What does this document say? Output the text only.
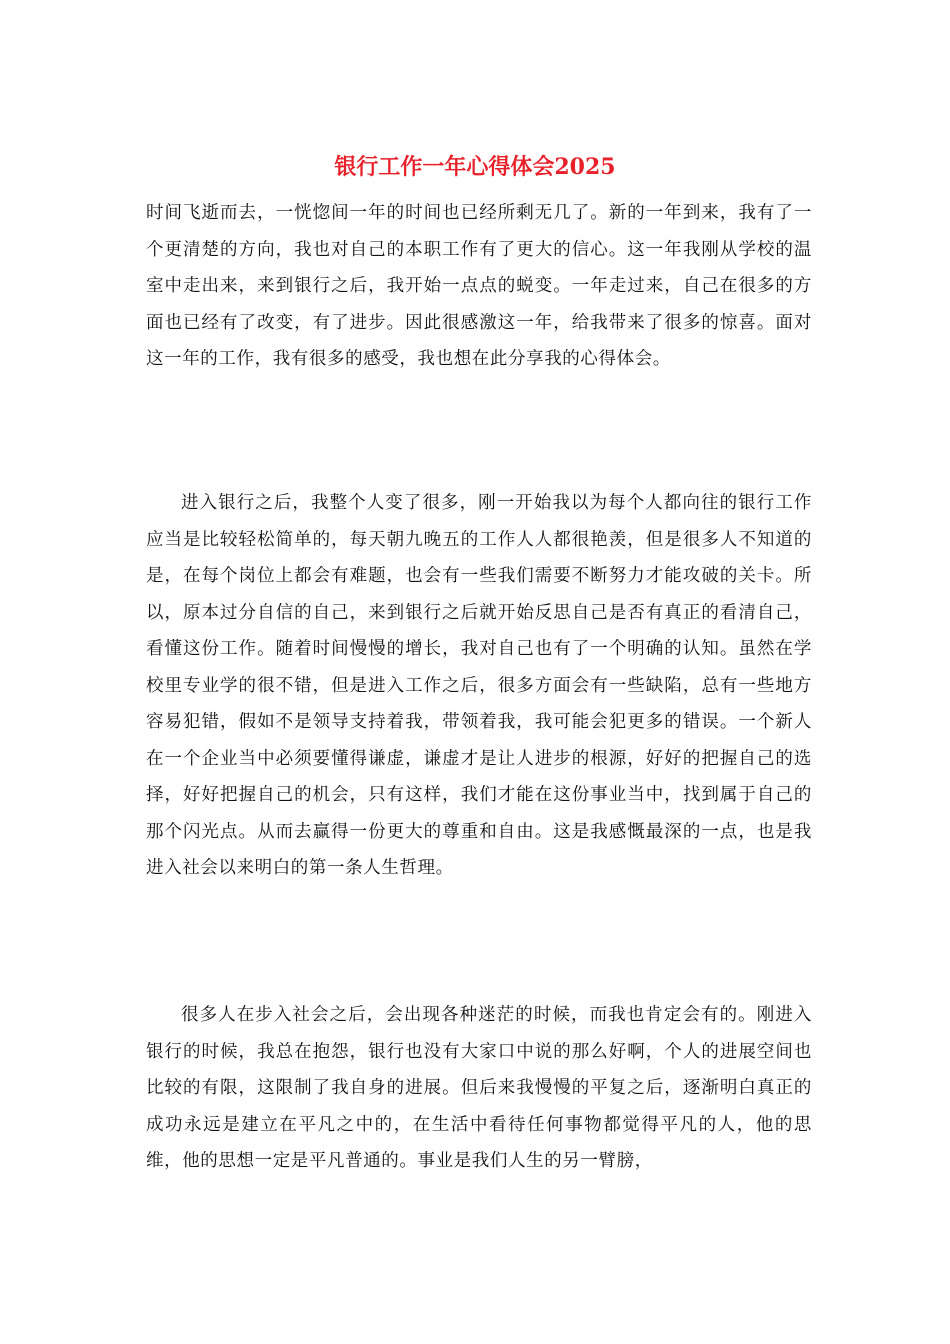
银行工作一年心得体会2025

时间飞逝而去，一恍惚间一年的时间也已经所剩无几了。新的一年到来，我有了一个更清楚的方向，我也对自己的本职工作有了更大的信心。这一年我刚从学校的温室中走出来，来到银行之后，我开始一点点的蜕变。一年走过来，自己在很多的方面也已经有了改变，有了进步。因此很感激这一年，给我带来了很多的惊喜。面对这一年的工作，我有很多的感受，我也想在此分享我的心得体会。

进入银行之后，我整个人变了很多，刚一开始我以为每个人都向往的银行工作应当是比较轻松简单的，每天朝九晚五的工作人人都很艳羡，但是很多人不知道的是，在每个岗位上都会有难题，也会有一些我们需要不断努力才能攻破的关卡。所以，原本过分自信的自己，来到银行之后就开始反思自己是否有真正的看清自己，看懂这份工作。随着时间慢慢的增长，我对自己也有了一个明确的认知。虽然在学校里专业学的很不错，但是进入工作之后，很多方面会有一些缺陷，总有一些地方容易犯错，假如不是领导支持着我，带领着我，我可能会犯更多的错误。一个新人在一个企业当中必须要懂得谦虚，谦虚才是让人进步的根源，好好的把握自己的选择，好好把握自己的机会，只有这样，我们才能在这份事业当中，找到属于自己的那个闪光点。从而去赢得一份更大的尊重和自由。这是我感慨最深的一点，也是我进入社会以来明白的第一条人生哲理。

很多人在步入社会之后，会出现各种迷茫的时候，而我也肯定会有的。刚进入银行的时候，我总在抱怨，银行也没有大家口中说的那么好啊，个人的进展空间也比较的有限，这限制了我自身的进展。但后来我慢慢的平复之后，逐渐明白真正的成功永远是建立在平凡之中的，在生活中看待任何事物都觉得平凡的人，他的思维，他的思想一定是平凡普通的。事业是我们人生的另一臂膀，
